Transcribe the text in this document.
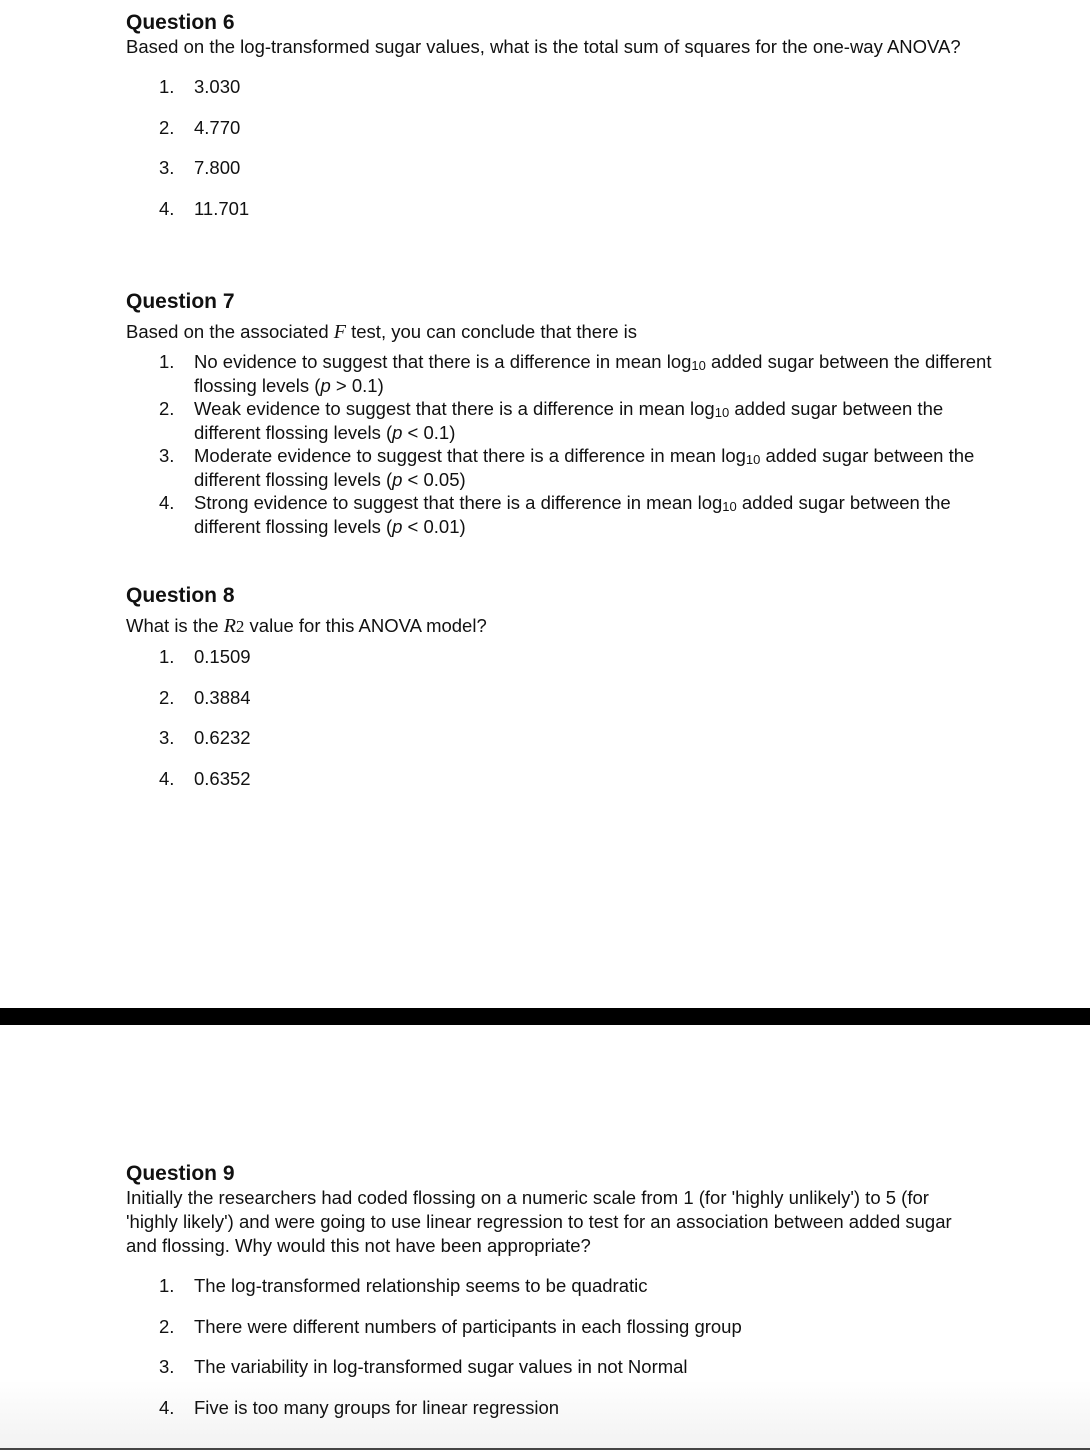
Question 6

Based on the log-transformed sugar values, what is the total sum of squares for the one-way ANOVA?

1. 3.030
2. 4.770
3. 7.800
4. 11.701

Question 7

Based on the associated F test, you can conclude that there is

1. No evidence to suggest that there is a difference in mean $\log_{10}$ added sugar between the different flossing levels (p > 0.1)
2. Weak evidence to suggest that there is a difference in mean $\log_{10}$ added sugar between the different flossing levels (p < 0.1)
3. Moderate evidence to suggest that there is a difference in mean $\log_{10}$ added sugar between the different flossing levels (p < 0.05)
4. Strong evidence to suggest that there is a difference in mean $\log_{10}$ added sugar between the different flossing levels (p < 0.01)

Question 8

What is the R2 value for this ANOVA model?

1. 0.1509
2. 0.3884
3. 0.6232
4. 0.6352

Question 9

Initially the researchers had coded flossing on a numeric scale from 1 (for 'highly unlikely') to 5 (for 'highly likely') and were going to use linear regression to test for an association between added sugar and flossing. Why would this not have been appropriate?

1. The log-transformed relationship seems to be quadratic
2. There were different numbers of participants in each flossing group
3. The variability in log-transformed sugar values in not Normal
4. Five is too many groups for linear regression
